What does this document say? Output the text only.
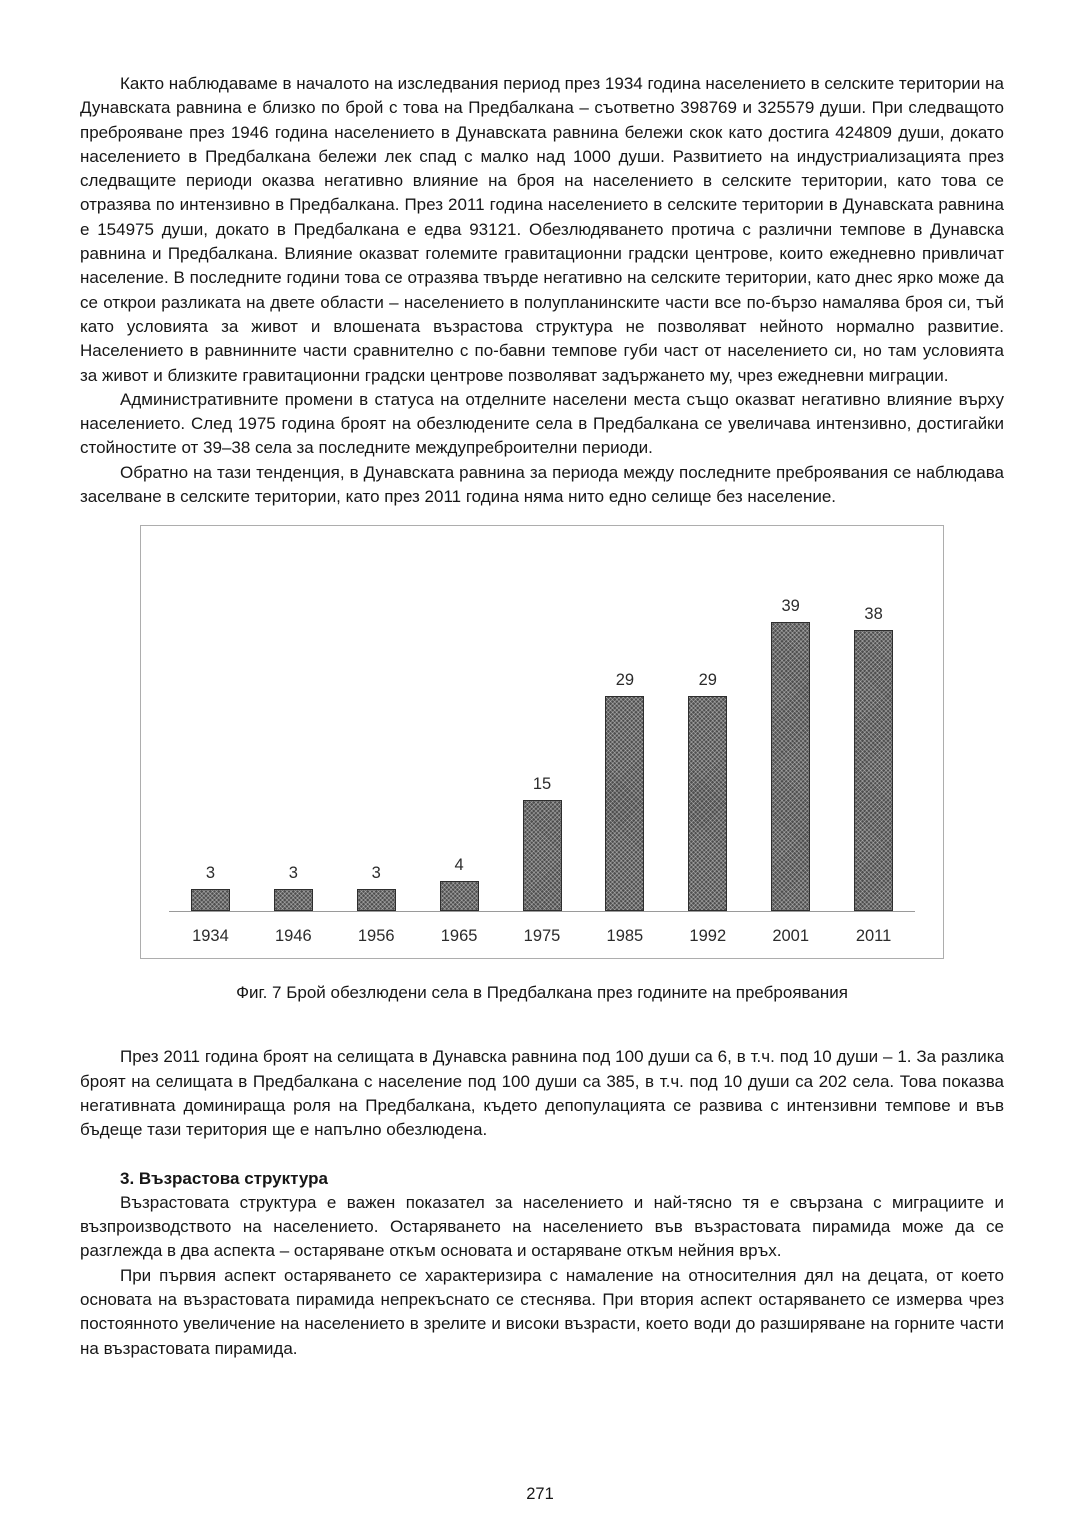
Както наблюдаваме в началото на изследвания период през 1934 година населението в селските територии на Дунавската равнина е близко по брой с това на Предбалкана – съответно 398769 и 325579 души. При следващото преброяване през 1946 година населението в Дунавската равнина бележи скок като достига 424809 души, докато населението в Предбалкана бележи лек спад с малко над 1000 души. Развитието на индустриализацията през следващите периоди оказва негативно влияние на броя на населението в селските територии, като това се отразява по интензивно в Предбалкана. През 2011 година населението в селските територии в Дунавската равнина е 154975 души, докато в Предбалкана е едва 93121. Обезлюдяването протича с различни темпове в Дунавска равнина и Предбалкана. Влияние оказват големите гравитационни градски центрове, които ежедневно привличат население. В последните години това се отразява твърде негативно на селските територии, като днес ярко може да се открои разликата на двете области – населението в полупланинските части все по-бързо намалява броя си, тъй като условията за живот и влошената възрастова структура не позволяват нейното нормално развитие. Населението в равнинните части сравнително с по-бавни темпове губи част от населението си, но там условията за живот и близките гравитационни градски центрове позволяват задържането му, чрез ежедневни миграции.

Административните промени в статуса на отделните населени места също оказват негативно влияние върху населението. След 1975 година броят на обезлюдените села в Предбалкана се увеличава интензивно, достигайки стойностите от 39–38 села за последните междупреброителни периоди.

Обратно на тази тенденция, в Дунавската равнина за периода между последните преброявания се наблюдава заселване в селските територии, като през 2011 година няма нито едно селище без население.

3	3	3	4
15
29	29
39	38
1934	1946	1956	1965	1975	1985	1992	2001	2011

Фиг. 7 Брой обезлюдени села в Предбалкана през годините на преброявания

През 2011 година броят на селищата в Дунавска равнина под 100 души са 6, в т.ч. под 10 души – 1. За разлика броят на селищата в Предбалкана с население под 100 души са 385, в т.ч. под 10 души са 202 села. Това показва негативната доминираща роля на Предбалкана, където депопулацията се развива с интензивни темпове и във бъдеще тази територия ще е напълно обезлюдена.

3. Възрастова структура

Възрастовата структура е важен показател за населението и най-тясно тя е свързана с миграциите и възпроизводството на населението. Остаряването на населението във възрастовата пирамида може да се разглежда в два аспекта – остаряване откъм основата и остаряване откъм нейния връх.

При първия аспект остаряването се характеризира с намаление на относителния дял на децата, от което основата на възрастовата пирамида непрекъснато се стеснява. При втория аспект остаряването се измерва чрез постоянното увеличение на населението в зрелите и високи възрасти, което води до разширяване на горните части на възрастовата пирамида.

271
